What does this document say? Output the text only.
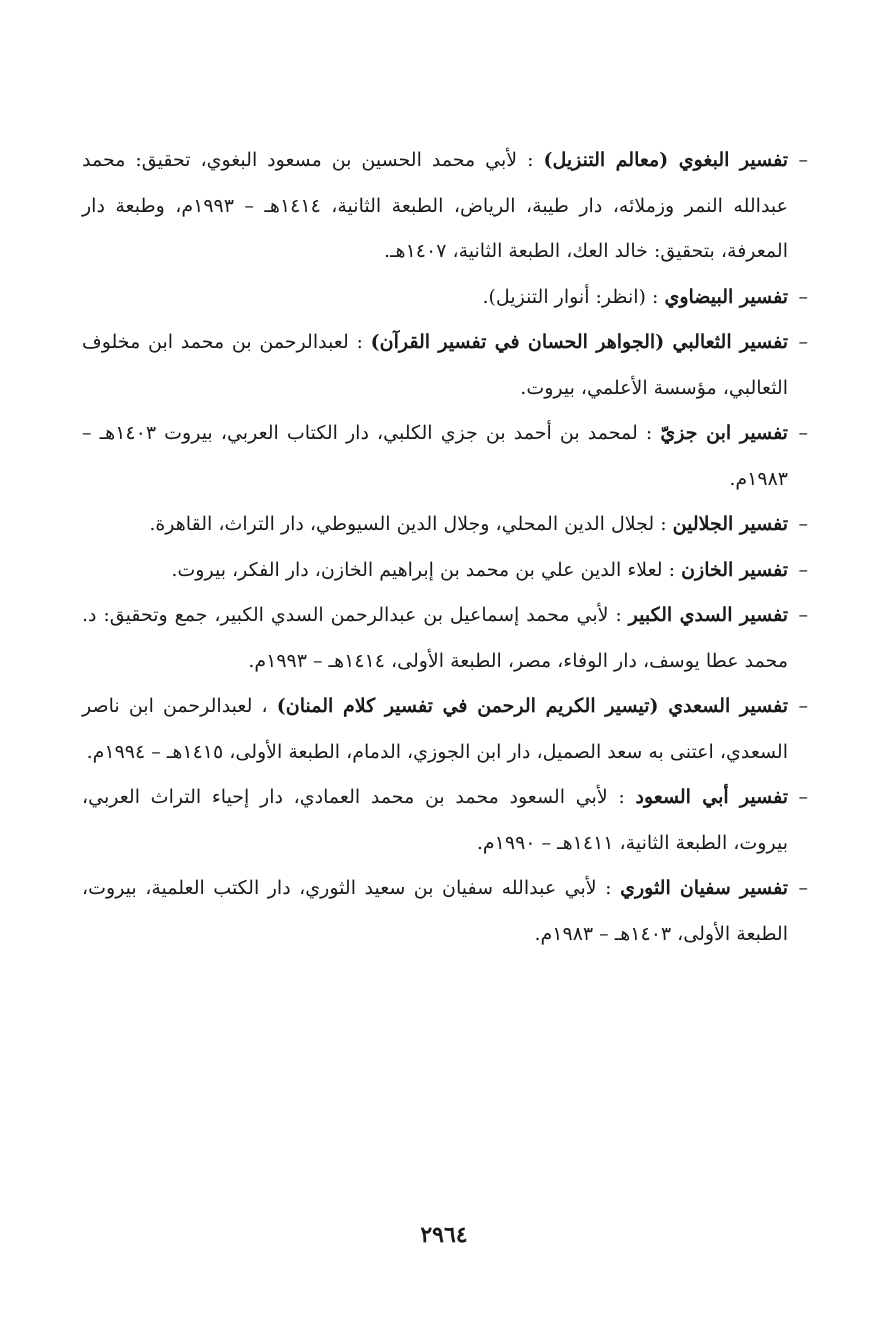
–
تفسير البغوي (معالم التنزيل) : لأبي محمد الحسين بن مسعود البغوي، تحقيق: محمد عبدالله النمر وزملائه، دار طيبة، الرياض، الطبعة الثانية، ١٤١٤هـ – ١٩٩٣م، وطبعة دار المعرفة، بتحقيق: خالد العك، الطبعة الثانية، ١٤٠٧هـ.

–
تفسير البيضاوي : (انظر: أنوار التنزيل).

–
تفسير الثعالبي (الجواهر الحسان في تفسير القرآن) : لعبدالرحمن بن محمد ابن مخلوف الثعالبي، مؤسسة الأعلمي، بيروت.

–
تفسير ابن جزيّ : لمحمد بن أحمد بن جزي الكلبي، دار الكتاب العربي، بيروت ١٤٠٣هـ – ١٩٨٣م.

–
تفسير الجلالين : لجلال الدين المحلي، وجلال الدين السيوطي، دار التراث، القاهرة.

–
تفسير الخازن : لعلاء الدين علي بن محمد بن إبراهيم الخازن، دار الفكر، بيروت.

–
تفسير السدي الكبير : لأبي محمد إسماعيل بن عبدالرحمن السدي الكبير، جمع وتحقيق: د. محمد عطا يوسف، دار الوفاء، مصر، الطبعة الأولى، ١٤١٤هـ – ١٩٩٣م.

–
تفسير السعدي (تيسير الكريم الرحمن في تفسير كلام المنان) ، لعبدالرحمن ابن ناصر السعدي، اعتنى به سعد الصميل، دار ابن الجوزي، الدمام، الطبعة الأولى، ١٤١٥هـ – ١٩٩٤م.

–
تفسير أبي السعود : لأبي السعود محمد بن محمد العمادي، دار إحياء التراث العربي، بيروت، الطبعة الثانية، ١٤١١هـ – ١٩٩٠م.

–
تفسير سفيان الثوري : لأبي عبدالله سفيان بن سعيد الثوري، دار الكتب العلمية، بيروت، الطبعة الأولى، ١٤٠٣هـ – ١٩٨٣م.

٢٩٦٤
